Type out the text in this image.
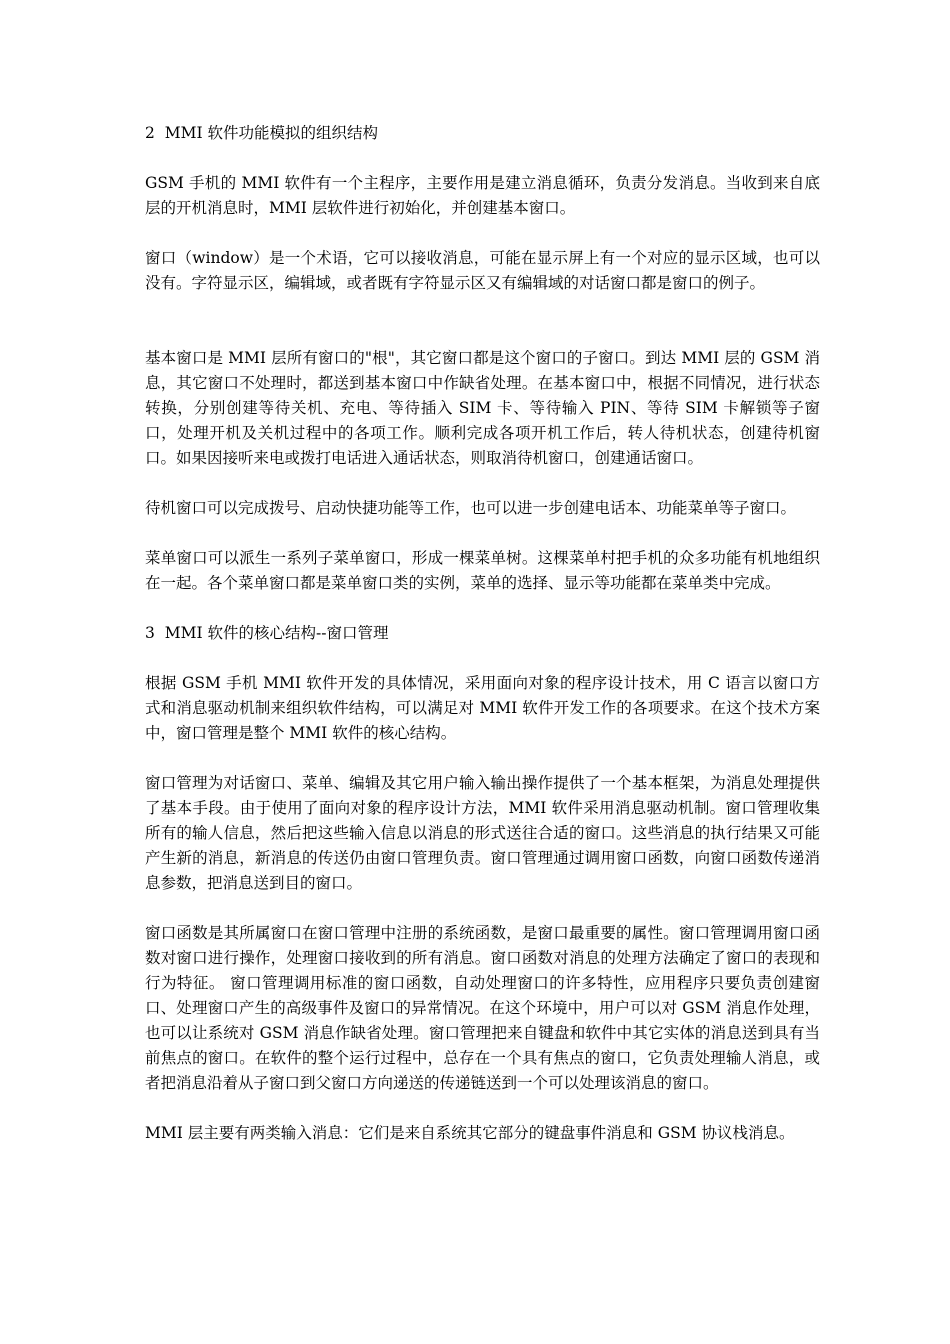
2  MMI 软件功能模拟的组织结构

GSM 手机的 MMI 软件有一个主程序，主要作用是建立消息循环，负责分发消息。当收到来自底层的开机消息时，MMI 层软件进行初始化，并创建基本窗口。

窗口（window）是一个术语，它可以接收消息，可能在显示屏上有一个对应的显示区域，也可以没有。字符显示区，编辑域，或者既有字符显示区又有编辑域的对话窗口都是窗口的例子。

基本窗口是 MMI 层所有窗口的"根"，其它窗口都是这个窗口的子窗口。到达 MMI 层的 GSM 消息，其它窗口不处理时，都送到基本窗口中作缺省处理。在基本窗口中，根据不同情况，进行状态转换，分别创建等待关机、充电、等待插入 SIM 卡、等待输入 PIN、等待 SIM 卡解锁等子窗口，处理开机及关机过程中的各项工作。顺利完成各项开机工作后，转人待机状态，创建待机窗口。如果因接听来电或拨打电话进入通话状态，则取消待机窗口，创建通话窗口。

待机窗口可以完成拨号、启动快捷功能等工作，也可以进一步创建电话本、功能菜单等子窗口。

菜单窗口可以派生一系列子菜单窗口，形成一棵菜单树。这棵菜单村把手机的众多功能有机地组织在一起。各个菜单窗口都是菜单窗口类的实例，菜单的选择、显示等功能都在菜单类中完成。

3  MMI 软件的核心结构--窗口管理

根据 GSM 手机 MMI 软件开发的具体情况，采用面向对象的程序设计技术，用 C 语言以窗口方式和消息驱动机制来组织软件结构，可以满足对 MMI 软件开发工作的各项要求。在这个技术方案中，窗口管理是整个 MMI 软件的核心结构。

窗口管理为对话窗口、菜单、编辑及其它用户输入输出操作提供了一个基本框架，为消息处理提供了基本手段。由于使用了面向对象的程序设计方法，MMI 软件采用消息驱动机制。窗口管理收集所有的输人信息，然后把这些输入信息以消息的形式送往合适的窗口。这些消息的执行结果又可能产生新的消息，新消息的传送仍由窗口管理负责。窗口管理通过调用窗口函数，向窗口函数传递消息参数，把消息送到目的窗口。

窗口函数是其所属窗口在窗口管理中注册的系统函数，是窗口最重要的属性。窗口管理调用窗口函数对窗口进行操作，处理窗口接收到的所有消息。窗口函数对消息的处理方法确定了窗口的表现和行为特征。 窗口管理调用标准的窗口函数，自动处理窗口的许多特性，应用程序只要负责创建窗口、处理窗口产生的高级事件及窗口的异常情况。在这个环境中，用户可以对 GSM 消息作处理，也可以让系统对 GSM 消息作缺省处理。窗口管理把来自键盘和软件中其它实体的消息送到具有当前焦点的窗口。在软件的整个运行过程中，总存在一个具有焦点的窗口，它负责处理输人消息，或者把消息沿着从子窗口到父窗口方向递送的传递链送到一个可以处理该消息的窗口。

MMI 层主要有两类输入消息：它们是来自系统其它部分的键盘事件消息和 GSM 协议栈消息。
